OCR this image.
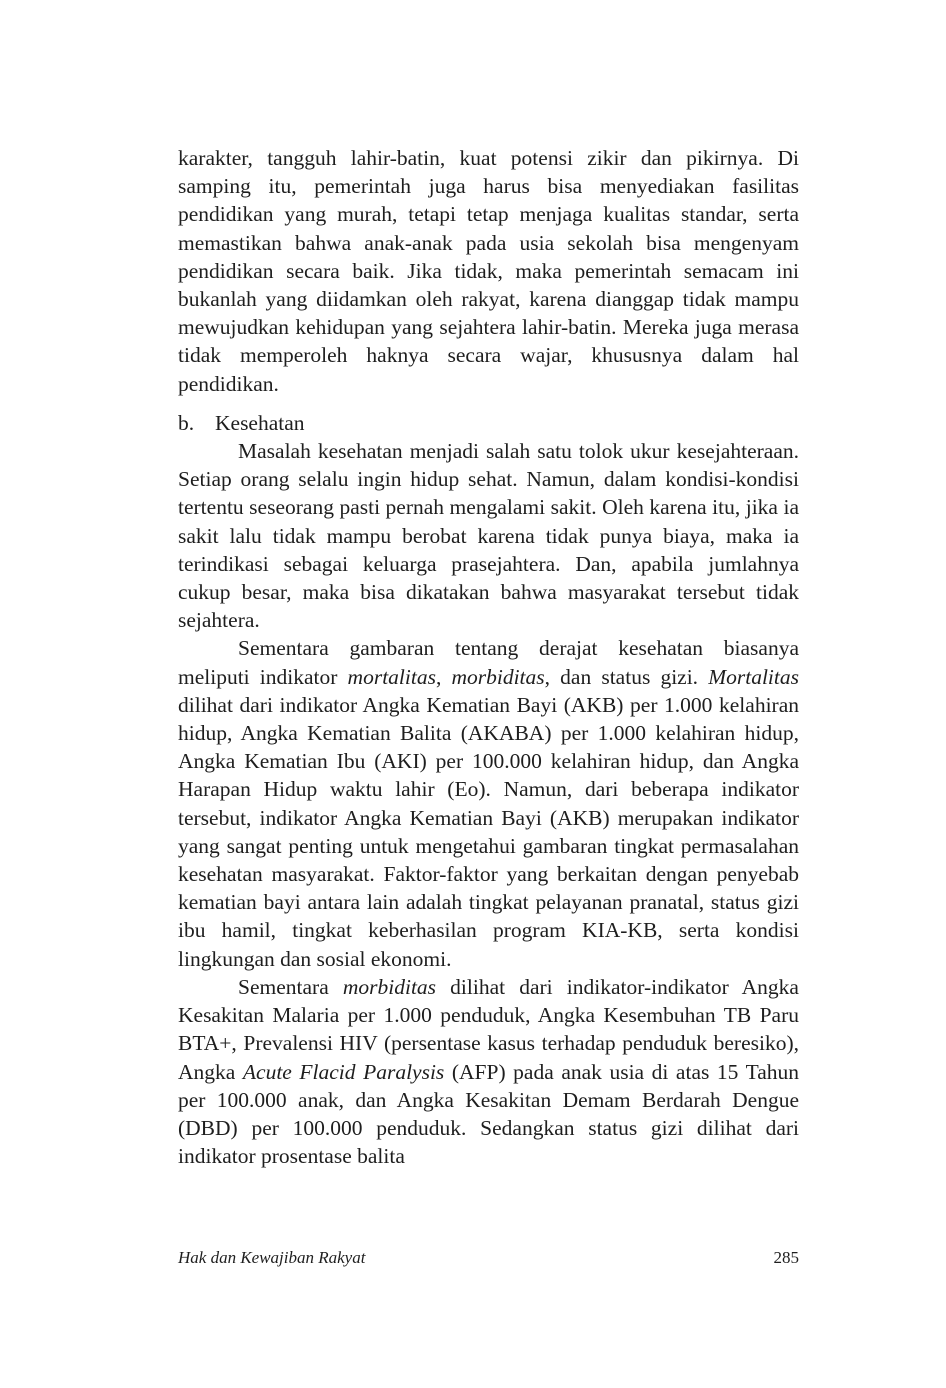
karakter, tangguh lahir-batin, kuat potensi zikir dan pikirnya. Di samping itu, pemerintah juga harus bisa menyediakan fasilitas pendidikan yang murah, tetapi tetap menjaga kualitas standar, serta memastikan bahwa anak-anak pada usia sekolah bisa mengenyam pendidikan secara baik. Jika tidak, maka pemerintah semacam ini bukanlah yang diidamkan oleh rakyat, karena dianggap tidak mampu mewujudkan kehidupan yang sejahtera lahir-batin. Mereka juga merasa tidak memperoleh haknya secara wajar, khususnya dalam hal pendidikan.

b. Kesehatan

Masalah kesehatan menjadi salah satu tolok ukur kesejahteraan. Setiap orang selalu ingin hidup sehat. Namun, dalam kondisi-kondisi tertentu seseorang pasti pernah mengalami sakit. Oleh karena itu, jika ia sakit lalu tidak mampu berobat karena tidak punya biaya, maka ia terindikasi sebagai keluarga prasejahtera. Dan, apabila jumlahnya cukup besar, maka bisa dikatakan bahwa masyarakat tersebut tidak sejahtera.

Sementara gambaran tentang derajat kesehatan biasanya meliputi indikator mortalitas, morbiditas, dan status gizi. Mortalitas dilihat dari indikator Angka Kematian Bayi (AKB) per 1.000 kelahiran hidup, Angka Kematian Balita (AKABA) per 1.000 kelahiran hidup, Angka Kematian Ibu (AKI) per 100.000 kelahiran hidup, dan Angka Harapan Hidup waktu lahir (Eo). Namun, dari beberapa indikator tersebut, indikator Angka Kematian Bayi (AKB) merupakan indikator yang sangat penting untuk mengetahui gambaran tingkat permasalahan kesehatan masyarakat. Faktor-faktor yang berkaitan dengan penyebab kematian bayi antara lain adalah tingkat pelayanan pranatal, status gizi ibu hamil, tingkat keberhasilan program KIA-KB, serta kondisi lingkungan dan sosial ekonomi.

Sementara morbiditas dilihat dari indikator-indikator Angka Kesakitan Malaria per 1.000 penduduk, Angka Kesembuhan TB Paru BTA+, Prevalensi HIV (persentase kasus terhadap penduduk beresiko), Angka Acute Flacid Paralysis (AFP) pada anak usia di atas 15 Tahun per 100.000 anak, dan Angka Kesakitan Demam Berdarah Dengue (DBD) per 100.000 penduduk. Sedangkan status gizi dilihat dari indikator prosentase balita

Hak dan Kewajiban Rakyat	285
